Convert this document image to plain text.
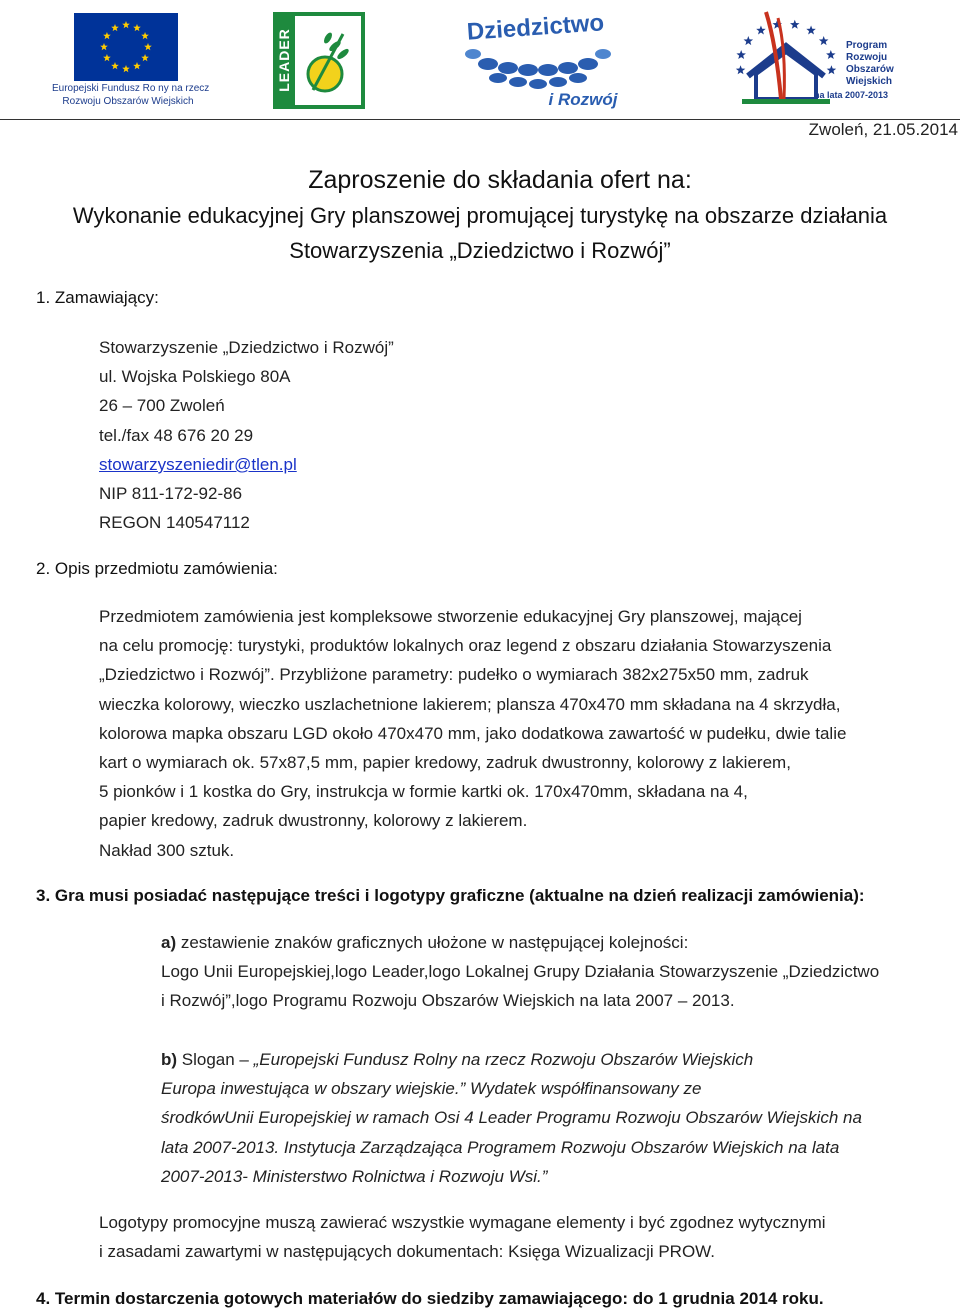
Europejski Fundusz Ro ny na rzecz
Rozwoju Obszarów Wiejskich
LEADER
Dziedzictwo
i Rozwój
Program
Rozwoju
Obszarów
Wiejskich
na lata 2007-2013
Zwoleń, 21.05.2014
Zaproszenie do składania ofert na:
Wykonanie edukacyjnej Gry planszowej promującej turystykę na obszarze działania
Stowarzyszenia „Dziedzictwo i Rozwój”
1. Zamawiający:
Stowarzyszenie „Dziedzictwo i Rozwój”
ul. Wojska Polskiego 80A
26 – 700 Zwoleń
tel./fax 48 676 20 29
stowarzyszeniedir@tlen.pl
NIP 811-172-92-86
REGON 140547112
2. Opis przedmiotu zamówienia:
Przedmiotem zamówienia jest kompleksowe stworzenie edukacyjnej Gry planszowej, mającej
na celu promocję: turystyki, produktów lokalnych oraz legend z obszaru działania Stowarzyszenia
„Dziedzictwo i Rozwój”. Przybliżone parametry: pudełko o wymiarach 382x275x50 mm, zadruk
wieczka kolorowy, wieczko uszlachetnione lakierem; plansza 470x470 mm składana na 4 skrzydła,
kolorowa mapka obszaru LGD około 470x470 mm, jako dodatkowa zawartość w pudełku, dwie talie
kart o wymiarach ok. 57x87,5 mm, papier kredowy, zadruk dwustronny, kolorowy z lakierem,
5 pionków i 1 kostka do Gry, instrukcja w formie kartki ok. 170x470mm, składana na 4,
papier kredowy, zadruk dwustronny, kolorowy z lakierem.
Nakład 300 sztuk.
3. Gra musi posiadać następujące treści i logotypy graficzne (aktualne na dzień realizacji zamówienia):
a) zestawienie znaków graficznych ułożone w następującej kolejności:
Logo Unii Europejskiej,logo Leader,logo Lokalnej Grupy Działania Stowarzyszenie „Dziedzictwo
i Rozwój”,logo Programu Rozwoju Obszarów Wiejskich na lata 2007 – 2013.
b) Slogan – „Europejski Fundusz Rolny na rzecz Rozwoju Obszarów Wiejskich
Europa inwestująca w obszary wiejskie.” Wydatek współfinansowany ze
środkówUnii Europejskiej w ramach Osi 4 Leader Programu Rozwoju Obszarów Wiejskich na
lata 2007-2013. Instytucja Zarządzająca Programem Rozwoju Obszarów Wiejskich na lata
2007-2013- Ministerstwo Rolnictwa i Rozwoju Wsi.”
Logotypy promocyjne muszą zawierać wszystkie wymagane elementy i być zgodnez wytycznymi
i zasadami zawartymi w następujących dokumentach: Księga Wizualizacji PROW.
4. Termin dostarczenia gotowych materiałów do siedziby zamawiającego: do 1 grudnia 2014 roku.
